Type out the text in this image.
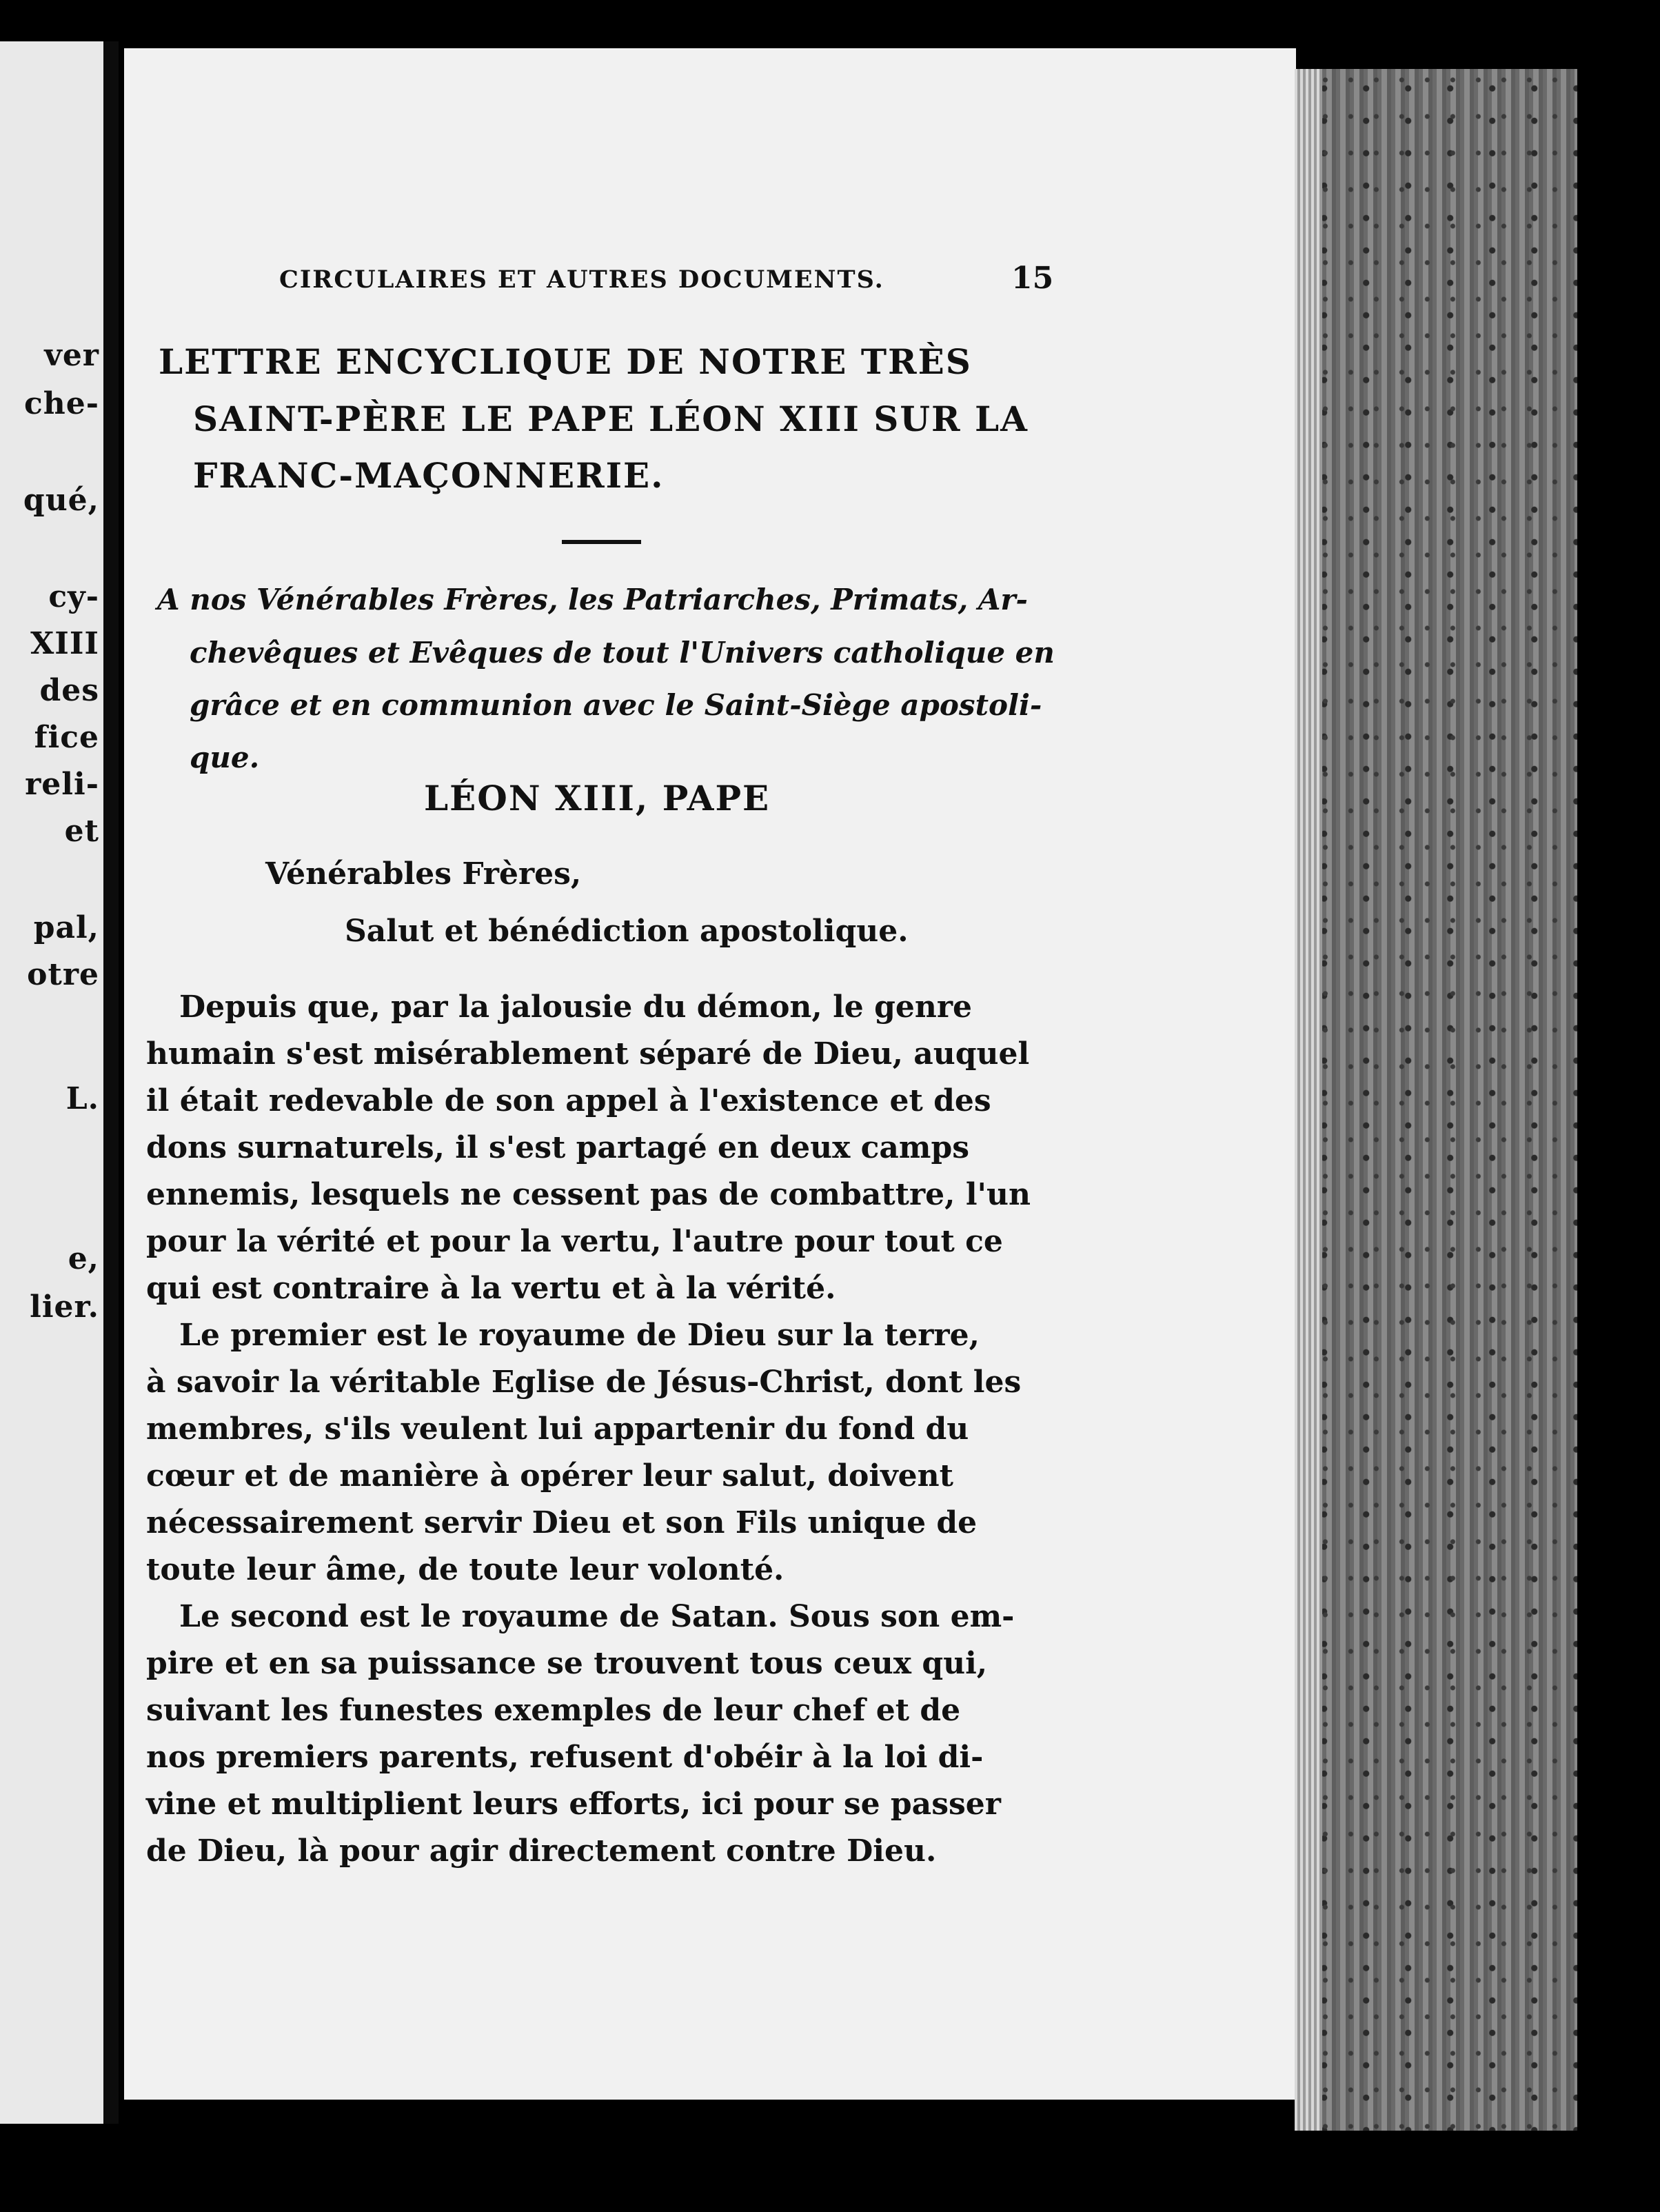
ver
che-
qué,
cy-
XIII
des
fice
reli-
et
pal,
otre
L.
e,
lier.
CIRCULAIRES ET AUTRES DOCUMENTS.	15
LETTRE ENCYCLIQUE DE NOTRE TRÈS
SAINT-PÈRE LE PAPE LÉON XIII SUR LA
FRANC-MAÇONNERIE.
A nos Vénérables Frères, les Patriarches, Primats, Ar-
chevêques et Evêques de tout l'Univers catholique en
grâce et en communion avec le Saint-Siège apostoli-
que.
LÉON XIII, PAPE
Vénérables Frères,
Salut et bénédiction apostolique.
Depuis que, par la jalousie du démon, le genre
humain s'est misérablement séparé de Dieu, auquel
il était redevable de son appel à l'existence et des
dons surnaturels, il s'est partagé en deux camps
ennemis, lesquels ne cessent pas de combattre, l'un
pour la vérité et pour la vertu, l'autre pour tout ce
qui est contraire à la vertu et à la vérité.
Le premier est le royaume de Dieu sur la terre,
à savoir la véritable Eglise de Jésus-Christ, dont les
membres, s'ils veulent lui appartenir du fond du
cœur et de manière à opérer leur salut, doivent
nécessairement servir Dieu et son Fils unique de
toute leur âme, de toute leur volonté.
Le second est le royaume de Satan. Sous son em-
pire et en sa puissance se trouvent tous ceux qui,
suivant les funestes exemples de leur chef et de
nos premiers parents, refusent d'obéir à la loi di-
vine et multiplient leurs efforts, ici pour se passer
de Dieu, là pour agir directement contre Dieu.
